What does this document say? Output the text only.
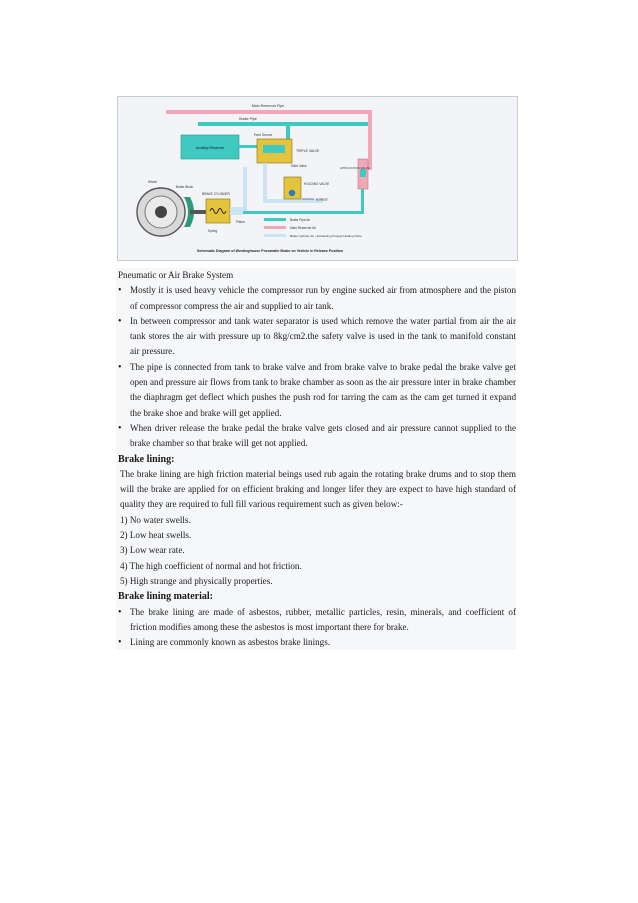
Main Reservoir Pipe
Brake Pipe
Feed Groove
Auxiliary Reservoir
TRIPLE VALVE
Slide Valve
HOLDING VALVE
Exhaust
APPLICATION VALVE
Wheel
Brake Block
BRAKE CYLINDER
Piston
Spring
Brake Pipe Air
Main Reservoir Air
Brake Cylinder Air - Exhausting through Holding Valve
Schematic Diagram of Westinghouse Pneumatic Brake on Vehicle in Release Position

Pneumatic or Air Brake System

• Mostly it is used heavy vehicle the compressor run by engine sucked air from atmosphere and the piston of compressor compress the air and supplied to air tank.
• In between compressor and tank water separator is used which remove the water partial from air the air tank stores the air with pressure up to 8kg/cm2.the safety valve is used in the tank to manifold constant air pressure.
• The pipe is connected from tank to brake valve and from brake valve to brake pedal the brake valve get open and pressure air flows from tank to brake chamber as soon as the air pressure inter in brake chamber the diaphragm get deflect which pushes the push rod for tarring the cam as the cam get turned it expand the brake shoe and brake will get applied.
• When driver release the brake pedal the brake valve gets closed and air pressure cannot supplied to the brake chamber so that brake will get not applied.

Brake lining:

The brake lining are high friction material beings used rub again the rotating brake drums and to stop them will the brake are applied for on efficient braking and longer lifer they are expect to have high standard of quality they are required to full fill various requirement such as given below:-

1) No water swells.
2) Low heat swells.
3) Low wear rate.
4) The high coefficient of normal and hot friction.
5) High strange and physically properties.

Brake lining material:

• The brake lining are made of asbestos, rubber, metallic particles, resin, minerals, and coefficient of friction modifies among these the asbestos is most important there for brake.
• Lining are commonly known as asbestos brake linings.
